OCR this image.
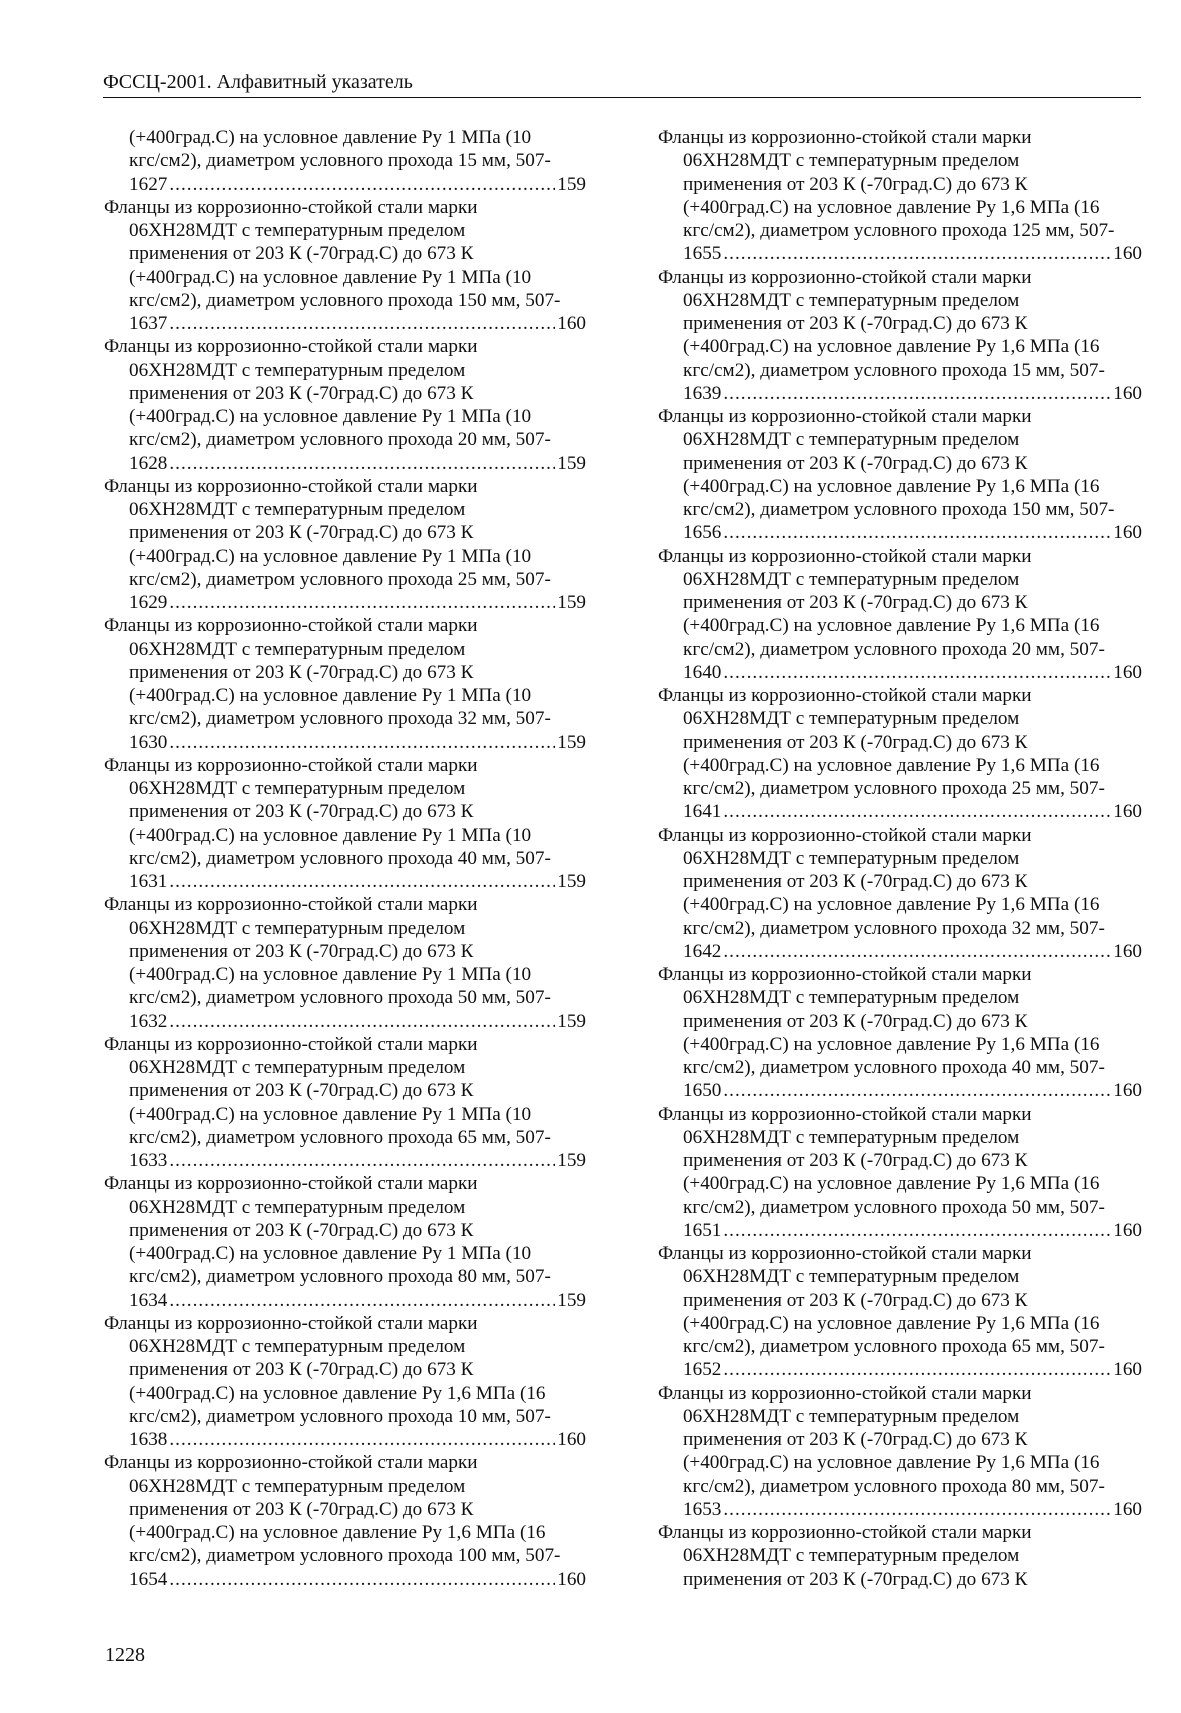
ФССЦ-2001. Алфавитный указатель
(+400град.С) на условное давление Py 1 МПа (10
кгс/см2), диаметром условного прохода 15 мм, 507-
1627 .....	159
Фланцы из коррозионно-стойкой стали марки
06ХН28МДТ с температурным пределом
применения от 203 К (-70град.С) до 673 К
(+400град.С) на условное давление Py 1 МПа (10
кгс/см2), диаметром условного прохода 150 мм, 507-
1637 .....	160
Фланцы из коррозионно-стойкой стали марки
06ХН28МДТ с температурным пределом
применения от 203 К (-70град.С) до 673 К
(+400град.С) на условное давление Py 1 МПа (10
кгс/см2), диаметром условного прохода 20 мм, 507-
1628 .....	159
Фланцы из коррозионно-стойкой стали марки
06ХН28МДТ с температурным пределом
применения от 203 К (-70град.С) до 673 К
(+400град.С) на условное давление Py 1 МПа (10
кгс/см2), диаметром условного прохода 25 мм, 507-
1629 .....	159
Фланцы из коррозионно-стойкой стали марки
06ХН28МДТ с температурным пределом
применения от 203 К (-70град.С) до 673 К
(+400град.С) на условное давление Py 1 МПа (10
кгс/см2), диаметром условного прохода 32 мм, 507-
1630 .....	159
Фланцы из коррозионно-стойкой стали марки
06ХН28МДТ с температурным пределом
применения от 203 К (-70град.С) до 673 К
(+400град.С) на условное давление Py 1 МПа (10
кгс/см2), диаметром условного прохода 40 мм, 507-
1631 .....	159
Фланцы из коррозионно-стойкой стали марки
06ХН28МДТ с температурным пределом
применения от 203 К (-70град.С) до 673 К
(+400град.С) на условное давление Py 1 МПа (10
кгс/см2), диаметром условного прохода 50 мм, 507-
1632 .....	159
Фланцы из коррозионно-стойкой стали марки
06ХН28МДТ с температурным пределом
применения от 203 К (-70град.С) до 673 К
(+400град.С) на условное давление Py 1 МПа (10
кгс/см2), диаметром условного прохода 65 мм, 507-
1633 .....	159
Фланцы из коррозионно-стойкой стали марки
06ХН28МДТ с температурным пределом
применения от 203 К (-70град.С) до 673 К
(+400град.С) на условное давление Py 1 МПа (10
кгс/см2), диаметром условного прохода 80 мм, 507-
1634 .....	159
Фланцы из коррозионно-стойкой стали марки
06ХН28МДТ с температурным пределом
применения от 203 К (-70град.С) до 673 К
(+400град.С) на условное давление Py 1,6 МПа (16
кгс/см2), диаметром условного прохода 10 мм, 507-
1638 .....	160
Фланцы из коррозионно-стойкой стали марки
06ХН28МДТ с температурным пределом
применения от 203 К (-70град.С) до 673 К
(+400град.С) на условное давление Py 1,6 МПа (16
кгс/см2), диаметром условного прохода 100 мм, 507-
1654 .....	160
Фланцы из коррозионно-стойкой стали марки
06ХН28МДТ с температурным пределом
применения от 203 К (-70град.С) до 673 К
(+400град.С) на условное давление Py 1,6 МПа (16
кгс/см2), диаметром условного прохода 125 мм, 507-
1655 .....	160
Фланцы из коррозионно-стойкой стали марки
06ХН28МДТ с температурным пределом
применения от 203 К (-70град.С) до 673 К
(+400град.С) на условное давление Py 1,6 МПа (16
кгс/см2), диаметром условного прохода 15 мм, 507-
1639 .....	160
Фланцы из коррозионно-стойкой стали марки
06ХН28МДТ с температурным пределом
применения от 203 К (-70град.С) до 673 К
(+400град.С) на условное давление Py 1,6 МПа (16
кгс/см2), диаметром условного прохода 150 мм, 507-
1656 .....	160
Фланцы из коррозионно-стойкой стали марки
06ХН28МДТ с температурным пределом
применения от 203 К (-70град.С) до 673 К
(+400град.С) на условное давление Py 1,6 МПа (16
кгс/см2), диаметром условного прохода 20 мм, 507-
1640 .....	160
Фланцы из коррозионно-стойкой стали марки
06ХН28МДТ с температурным пределом
применения от 203 К (-70град.С) до 673 К
(+400град.С) на условное давление Py 1,6 МПа (16
кгс/см2), диаметром условного прохода 25 мм, 507-
1641 .....	160
Фланцы из коррозионно-стойкой стали марки
06ХН28МДТ с температурным пределом
применения от 203 К (-70град.С) до 673 К
(+400град.С) на условное давление Py 1,6 МПа (16
кгс/см2), диаметром условного прохода 32 мм, 507-
1642 .....	160
Фланцы из коррозионно-стойкой стали марки
06ХН28МДТ с температурным пределом
применения от 203 К (-70град.С) до 673 К
(+400град.С) на условное давление Py 1,6 МПа (16
кгс/см2), диаметром условного прохода 40 мм, 507-
1650 .....	160
Фланцы из коррозионно-стойкой стали марки
06ХН28МДТ с температурным пределом
применения от 203 К (-70град.С) до 673 К
(+400град.С) на условное давление Py 1,6 МПа (16
кгс/см2), диаметром условного прохода 50 мм, 507-
1651 .....	160
Фланцы из коррозионно-стойкой стали марки
06ХН28МДТ с температурным пределом
применения от 203 К (-70град.С) до 673 К
(+400град.С) на условное давление Py 1,6 МПа (16
кгс/см2), диаметром условного прохода 65 мм, 507-
1652 .....	160
Фланцы из коррозионно-стойкой стали марки
06ХН28МДТ с температурным пределом
применения от 203 К (-70град.С) до 673 К
(+400град.С) на условное давление Py 1,6 МПа (16
кгс/см2), диаметром условного прохода 80 мм, 507-
1653 .....	160
Фланцы из коррозионно-стойкой стали марки
06ХН28МДТ с температурным пределом
применения от 203 К (-70град.С) до 673 К
1228
